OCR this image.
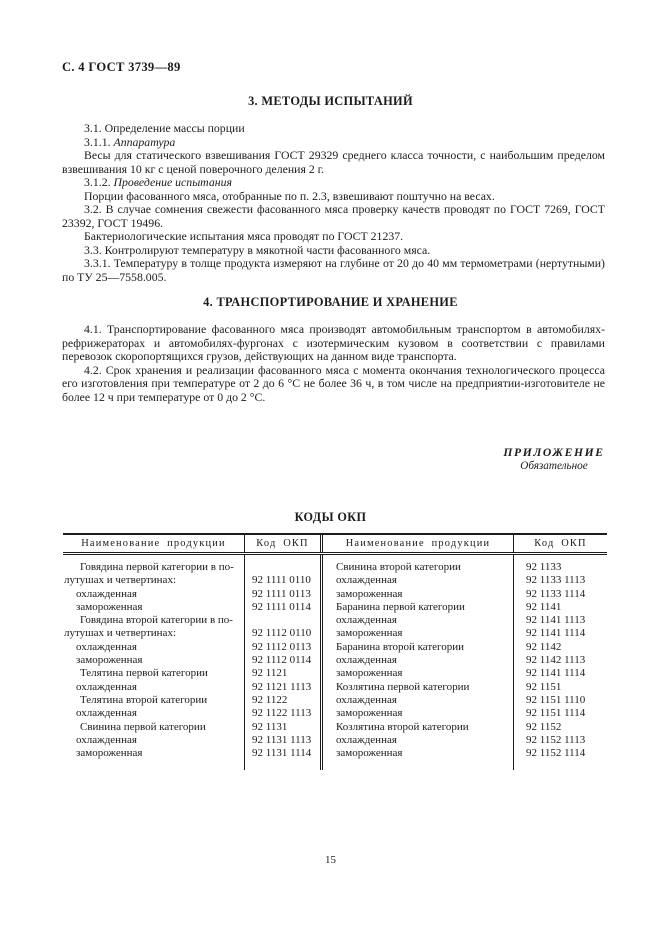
С. 4 ГОСТ 3739—89
3. МЕТОДЫ ИСПЫТАНИЙ

3.1. Определение массы порции

3.1.1. Аппаратура

Весы для статического взвешивания ГОСТ 29329 среднего класса точности, с наибольшим пределом взвешивания 10 кг с ценой поверочного деления 2 г.

3.1.2. Проведение испытания

Порции фасованного мяса, отобранные по п. 2.3, взвешивают поштучно на весах.

3.2. В случае сомнения свежести фасованного мяса проверку качеств проводят по ГОСТ 7269, ГОСТ 23392, ГОСТ 19496.

Бактериологические испытания мяса проводят по ГОСТ 21237.

3.3. Контролируют температуру в мякотной части фасованного мяса.

3.3.1. Температуру в толще продукта измеряют на глубине от 20 до 40 мм термометрами (нертутными) по ТУ 25—7558.005.

4. ТРАНСПОРТИРОВАНИЕ И ХРАНЕНИЕ

4.1. Транспортирование фасованного мяса производят автомобильным транспортом в автомобилях-рефрижераторах и автомобилях-фургонах с изотермическим кузовом в соответствии с правилами перевозок скоропортящихся грузов, действующих на данном виде транспорта.

4.2. Срок хранения и реализации фасованного мяса с момента окончания технологического процесса его изготовления при температуре от 2 до 6 °С не более 36 ч, в том числе на предприятии-изготовителе не более 12 ч при температуре от 0 до 2 °С.

ПРИЛОЖЕНИЕ
Обязательное
КОДЫ ОКП
Наименование продукции	Код ОКП	Наименование продукции	Код ОКП
Говядина первой категории в по-
лутушах и четвертинах:	92 1111 0110
охлажденная	92 1111 0113
замороженная	92 1111 0114
Говядина второй категории в по-
лутушах и четвертинах:	92 1112 0110
охлажденная	92 1112 0113
замороженная	92 1112 0114
Телятина первой категории	92 1121
охлажденная	92 1121 1113
Телятина второй категории	92 1122
охлажденная	92 1122 1113
Свинина первой категории	92 1131
охлажденная	92 1131 1113
замороженная	92 1131 1114
Свинина второй категории	92 1133
охлажденная	92 1133 1113
замороженная	92 1133 1114
Баранина первой категории	92 1141
охлажденная	92 1141 1113
замороженная	92 1141 1114
Баранина второй категории	92 1142
охлажденная	92 1142 1113
замороженная	92 1141 1114
Козлятина первой категории	92 1151
охлажденная	92 1151 1110
замороженная	92 1151 1114
Козлятина второй категории	92 1152
охлажденная	92 1152 1113
замороженная	92 1152 1114
15
